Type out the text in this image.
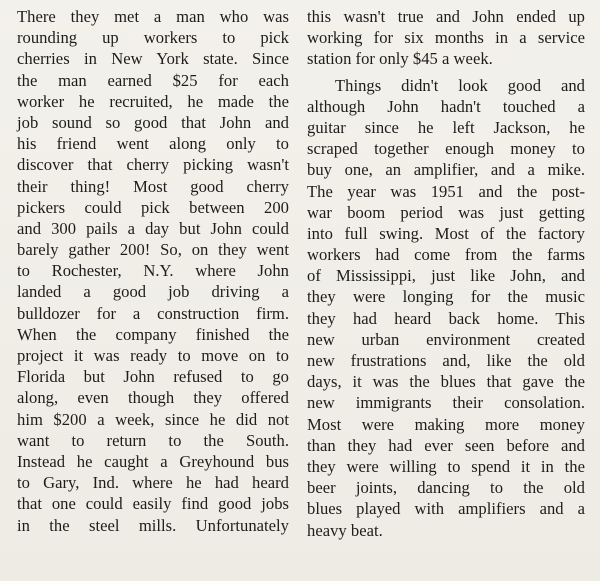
There they met a man who was
rounding up workers to pick
cherries in New York state. Since
the man earned $25 for each
worker he recruited, he made the
job sound so good that John and
his friend went along only to
discover that cherry picking wasn't
their thing! Most good cherry
pickers could pick between 200
and 300 pails a day but John could
barely gather 200! So, on they went
to Rochester, N.Y. where John
landed a good job driving a
bulldozer for a construction firm.
When the company finished the
project it was ready to move on to
Florida but John refused to go
along, even though they offered
him $200 a week, since he did not
want to return to the South.
Instead he caught a Greyhound bus
to Gary, Ind. where he had heard
that one could easily find good jobs
in the steel mills. Unfortunately
this wasn't true and John ended up
working for six months in a service
station for only $45 a week.
Things didn't look good and
although John hadn't touched a
guitar since he left Jackson, he
scraped together enough money to
buy one, an amplifier, and a mike.
The year was 1951 and the post-
war boom period was just getting
into full swing. Most of the factory
workers had come from the farms
of Mississippi, just like John, and
they were longing for the music
they had heard back home. This
new urban environment created
new frustrations and, like the old
days, it was the blues that gave the
new immigrants their consolation.
Most were making more money
than they had ever seen before and
they were willing to spend it in the
beer joints, dancing to the old
blues played with amplifiers and a
heavy beat.
